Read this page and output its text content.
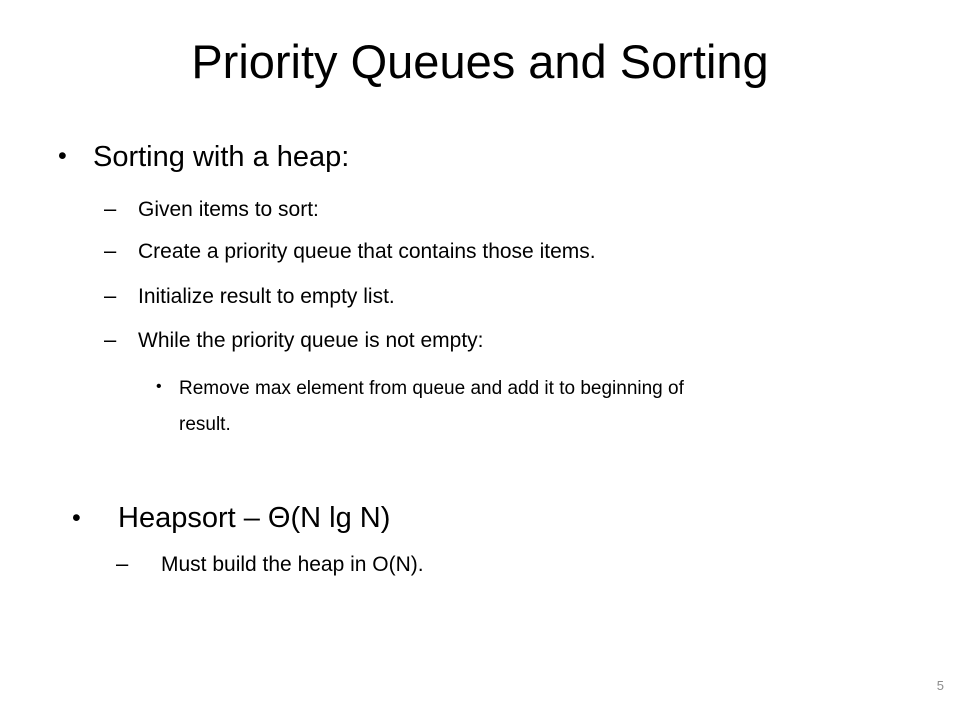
Priority Queues and Sorting
• Sorting with a heap:
– Given items to sort:
– Create a priority queue that contains those items.
– Initialize result to empty list.
– While the priority queue is not empty:
• Remove max element from queue and add it to beginning of
result.
• Heapsort – Θ(N lg N)
– Must build the heap in O(N).
5
